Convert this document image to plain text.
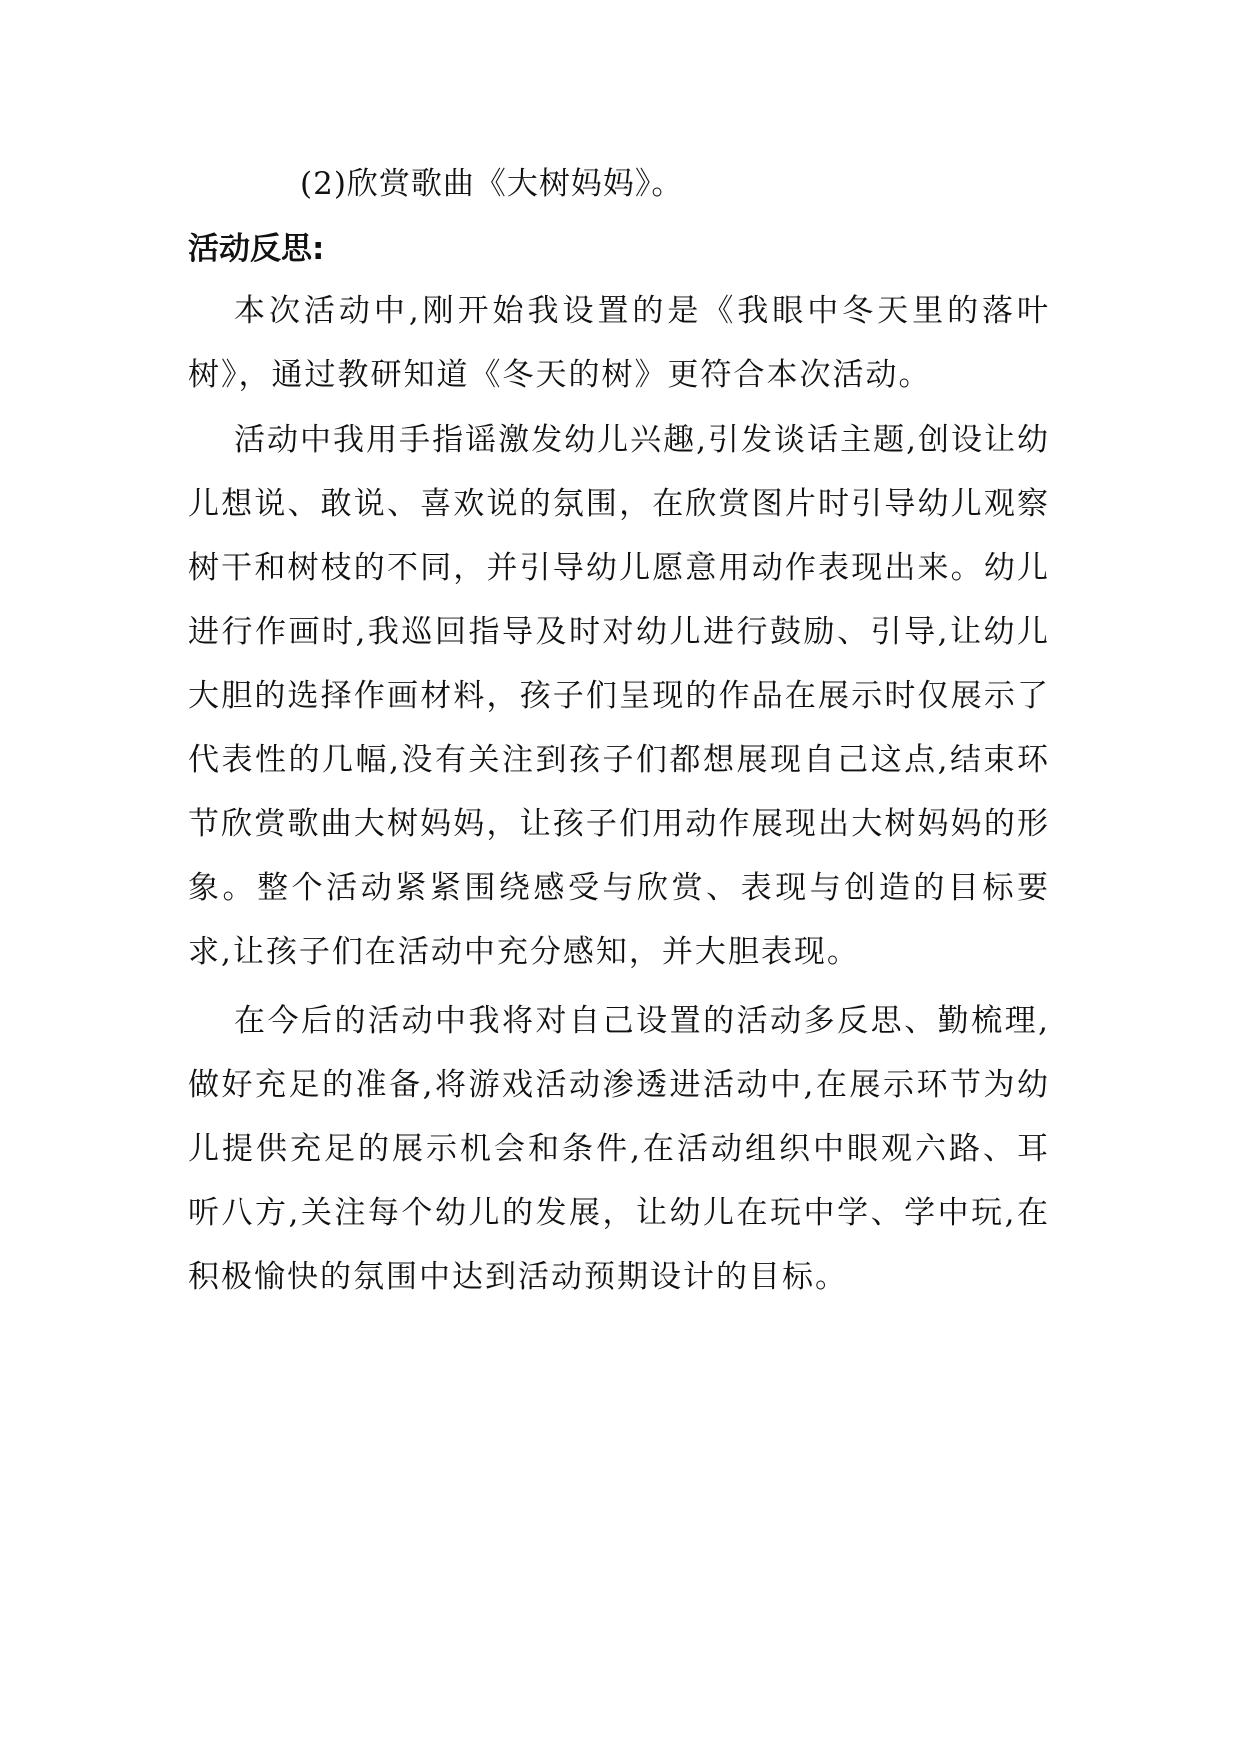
(2)欣赏歌曲《大树妈妈》。
活动反思:

本次活动中,刚开始我设置的是《我眼中冬天里的落叶树》，通过教研知道《冬天的树》更符合本次活动。

活动中我用手指谣激发幼儿兴趣,引发谈话主题,创设让幼儿想说、敢说、喜欢说的氛围，在欣赏图片时引导幼儿观察树干和树枝的不同，并引导幼儿愿意用动作表现出来。幼儿进行作画时,我巡回指导及时对幼儿进行鼓励、引导,让幼儿大胆的选择作画材料，孩子们呈现的作品在展示时仅展示了代表性的几幅,没有关注到孩子们都想展现自己这点,结束环节欣赏歌曲大树妈妈，让孩子们用动作展现出大树妈妈的形象。整个活动紧紧围绕感受与欣赏、表现与创造的目标要求,让孩子们在活动中充分感知，并大胆表现。

在今后的活动中我将对自己设置的活动多反思、勤梳理,做好充足的准备,将游戏活动渗透进活动中,在展示环节为幼儿提供充足的展示机会和条件,在活动组织中眼观六路、耳听八方,关注每个幼儿的发展，让幼儿在玩中学、学中玩,在积极愉快的氛围中达到活动预期设计的目标。
